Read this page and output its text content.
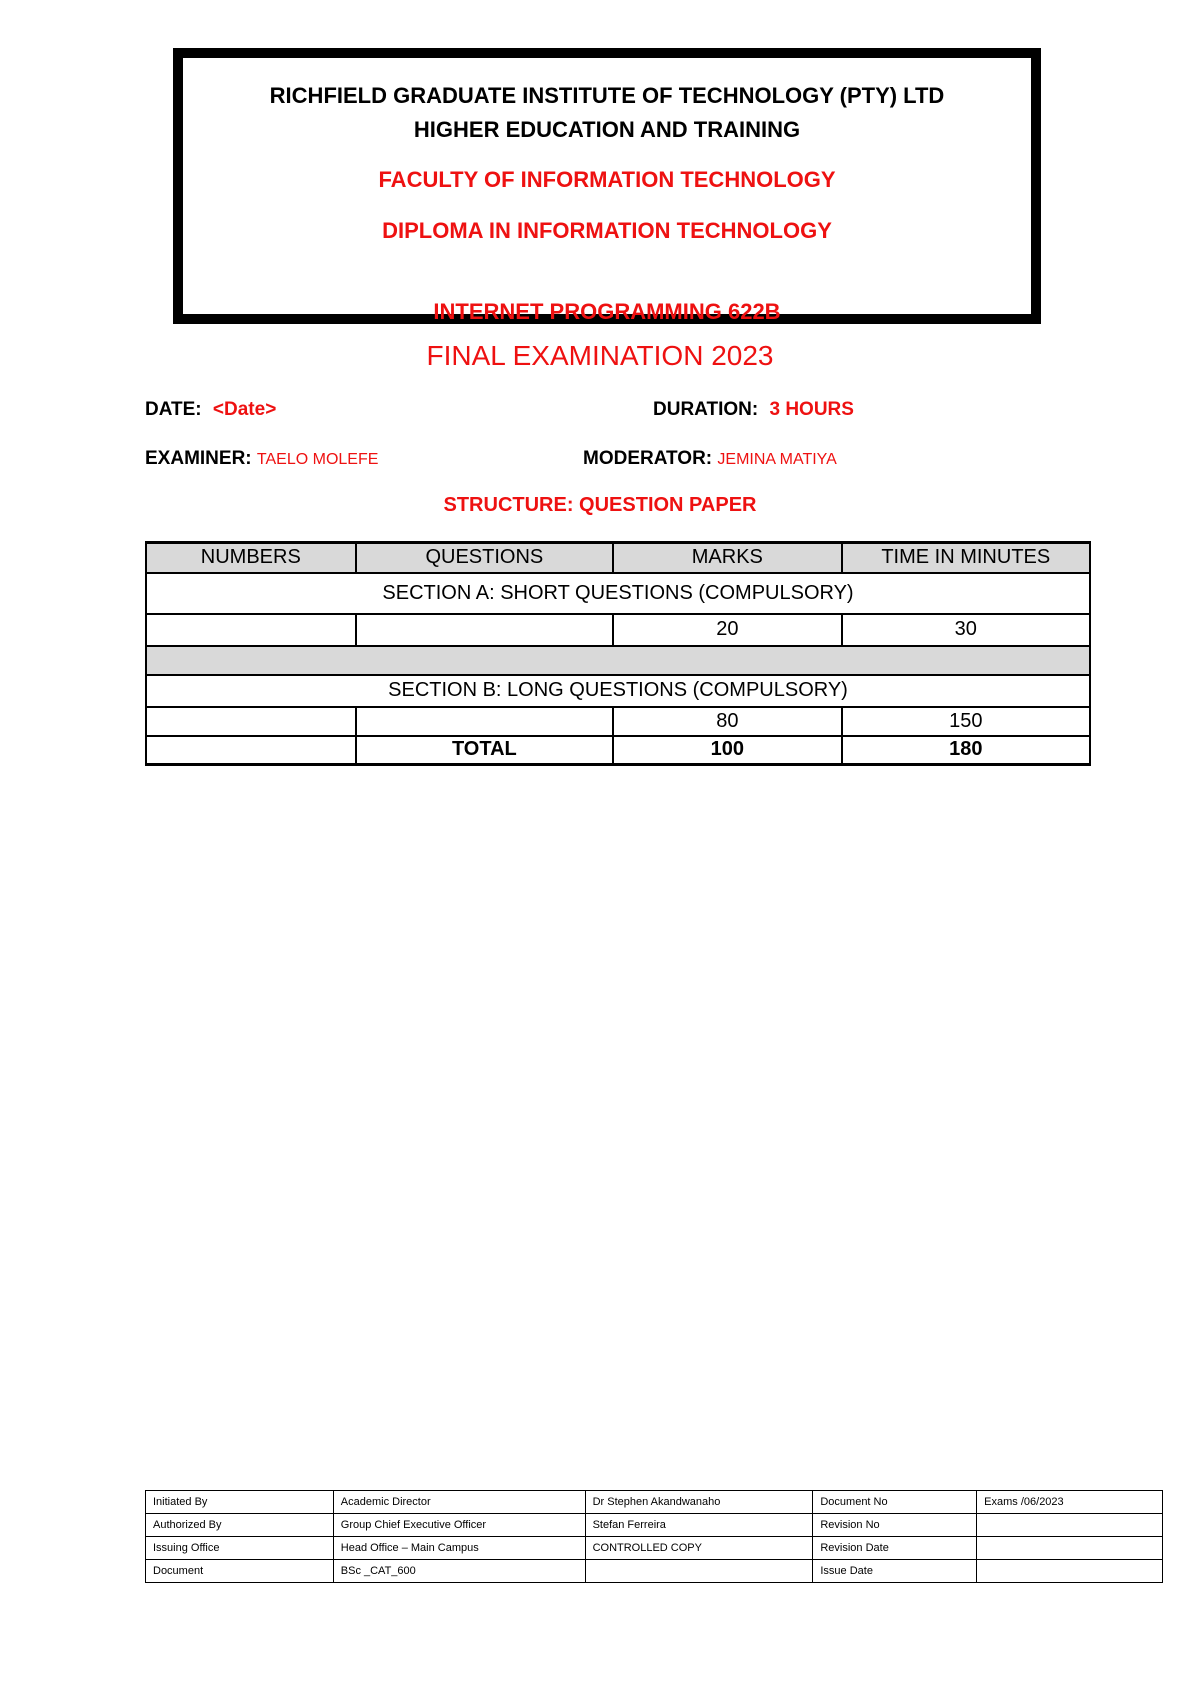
RICHFIELD GRADUATE INSTITUTE OF TECHNOLOGY (PTY) LTD
HIGHER EDUCATION AND TRAINING
FACULTY OF INFORMATION TECHNOLOGY
DIPLOMA IN INFORMATION TECHNOLOGY
INTERNET PROGRAMMING 622B
FINAL EXAMINATION 2023
DATE: <Date>	DURATION: 3 HOURS
EXAMINER: TAELO MOLEFE	MODERATOR: JEMINA MATIYA
STRUCTURE: QUESTION PAPER
NUMBERS	QUESTIONS	MARKS	TIME IN MINUTES
SECTION A: SHORT QUESTIONS (COMPULSORY)			
		20	30

SECTION B: LONG QUESTIONS (COMPULSORY)			
		80	150
	TOTAL	100	180
Initiated By	Academic Director	Dr Stephen Akandwanaho	Document No	Exams /06/2023
Authorized By	Group Chief Executive Officer	Stefan Ferreira	Revision No	
Issuing Office	Head Office – Main Campus	CONTROLLED COPY	Revision Date	
Document	BSc _CAT_600		Issue Date	
